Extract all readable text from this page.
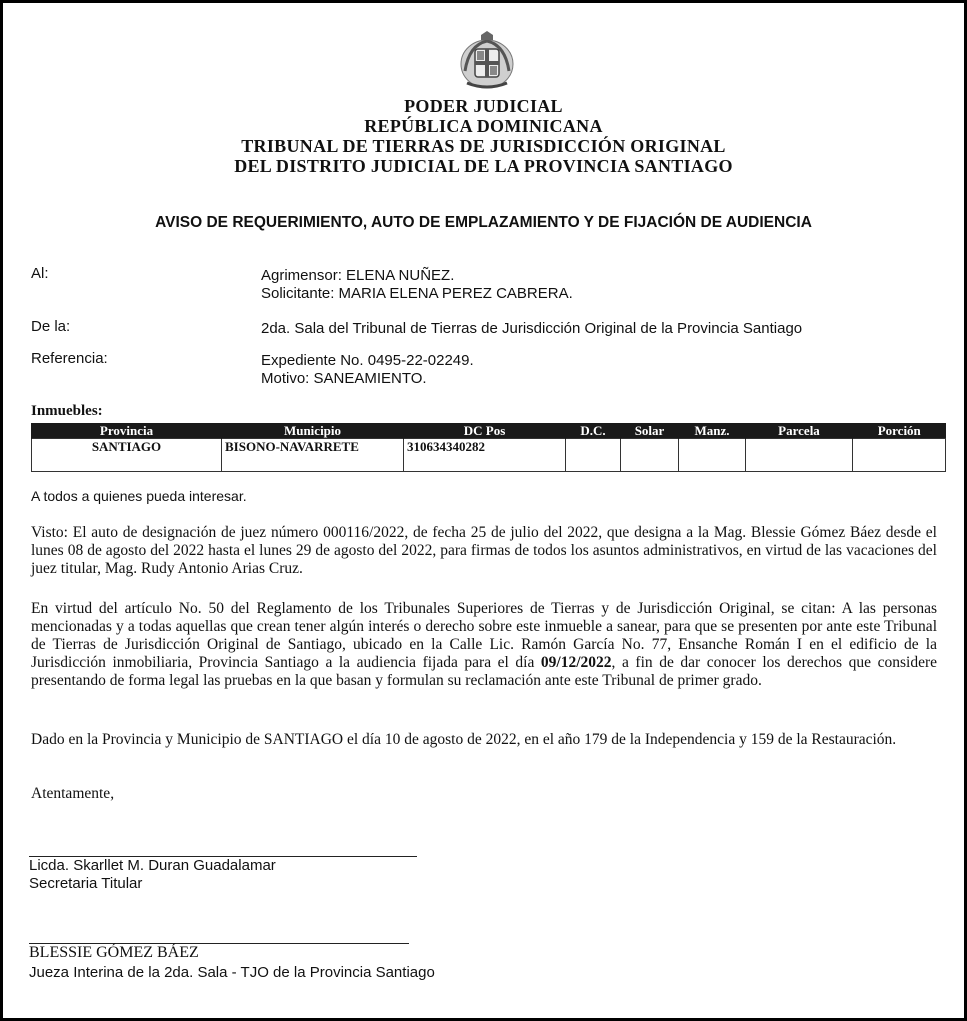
PODER JUDICIAL
REPÚBLICA DOMINICANA
TRIBUNAL DE TIERRAS DE JURISDICCIÓN ORIGINAL
DEL DISTRITO JUDICIAL DE LA PROVINCIA SANTIAGO
AVISO DE REQUERIMIENTO, AUTO DE EMPLAZAMIENTO Y DE FIJACIÓN DE AUDIENCIA
Al:	Agrimensor: ELENA NUÑEZ.
Solicitante: MARIA ELENA PEREZ CABRERA.
De la:	2da. Sala del Tribunal de Tierras de Jurisdicción Original de la Provincia Santiago
Referencia:	Expediente No. 0495-22-02249.
Motivo: SANEAMIENTO.
Inmuebles:
Provincia	Municipio	DC Pos	D.C.	Solar	Manz.	Parcela	Porción
SANTIAGO	BISONO-NAVARRETE	310634340282					
A todos a quienes pueda interesar.
Visto: El auto de designación de juez número 000116/2022, de fecha 25 de julio del 2022, que designa a la Mag. Blessie Gómez Báez desde el lunes 08 de agosto del 2022 hasta el lunes 29 de agosto del 2022, para firmas de todos los asuntos administrativos, en virtud de las vacaciones del juez titular, Mag. Rudy Antonio Arias Cruz.
En virtud del artículo No. 50 del Reglamento de los Tribunales Superiores de Tierras y de Jurisdicción Original, se citan: A las personas mencionadas y a todas aquellas que crean tener algún interés o derecho sobre este inmueble a sanear, para que se presenten por ante este Tribunal de Tierras de Jurisdicción Original de Santiago, ubicado en la Calle Lic. Ramón García No. 77, Ensanche Román I en el edificio de la Jurisdicción inmobiliaria, Provincia Santiago a la audiencia fijada para el día 09/12/2022, a fin de dar conocer los derechos que considere presentando de forma legal las pruebas en la que basan y formulan su reclamación ante este Tribunal de primer grado.
Dado en la Provincia y Municipio de SANTIAGO el día 10 de agosto de 2022, en el año 179 de la Independencia y 159 de la Restauración.
Atentamente,
Licda. Skarllet M. Duran Guadalamar
Secretaria Titular
BLESSIE GÓMEZ BÁEZ
Jueza Interina de la 2da. Sala - TJO de la Provincia Santiago
